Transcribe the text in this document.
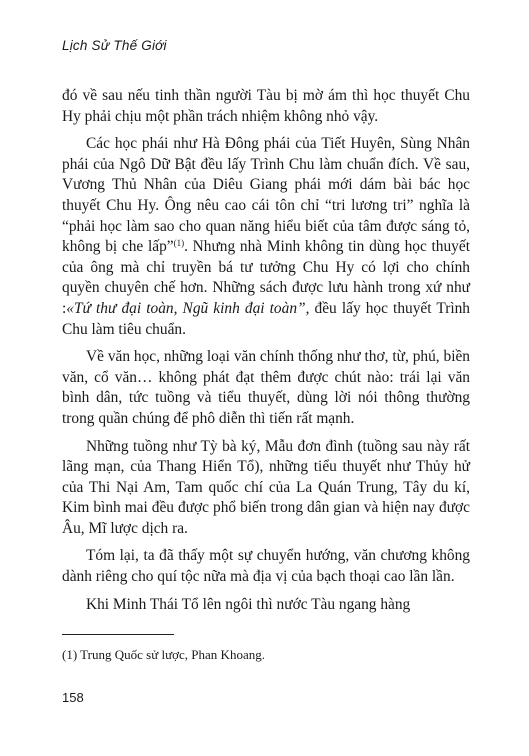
Lịch Sử Thế Giới

đó về sau nếu tinh thần người Tàu bị mờ ám thì học thuyết Chu Hy phải chịu một phần trách nhiệm không nhỏ vậy.

Các học phái như Hà Đông phái của Tiết Huyên, Sùng Nhân phái của Ngô Dữ Bật đều lấy Trình Chu làm chuẩn đích. Về sau, Vương Thủ Nhân của Diêu Giang phái mới dám bài bác học thuyết Chu Hy. Ông nêu cao cái tôn chỉ “tri lương tri” nghĩa là “phải học làm sao cho quan năng hiểu biết của tâm được sáng tỏ, không bị che lấp”$^{(1)}$. Nhưng nhà Minh không tin dùng học thuyết của ông mà chỉ truyền bá tư tưởng Chu Hy có lợi cho chính quyền chuyên chế hơn. Những sách được lưu hành trong xứ như :«Tứ thư đại toàn, Ngũ kinh đại toàn”, đều lấy học thuyết Trình Chu làm tiêu chuẩn.

Về văn học, những loại văn chính thống như thơ, từ, phú, biền văn, cổ văn… không phát đạt thêm được chút nào: trái lại văn bình dân, tức tuồng và tiểu thuyết, dùng lời nói thông thường trong quần chúng để phô diễn thì tiến rất mạnh.

Những tuồng như Tỳ bà ký, Mẫu đơn đình (tuồng sau này rất lãng mạn, của Thang Hiển Tổ), những tiểu thuyết như Thủy hử của Thi Nại Am, Tam quốc chí của La Quán Trung, Tây du kí, Kim bình mai đều được phổ biến trong dân gian và hiện nay được Âu, Mĩ lược dịch ra.

Tóm lại, ta đã thấy một sự chuyển hướng, văn chương không dành riêng cho quí tộc nữa mà địa vị của bạch thoại cao lần lần.

Khi Minh Thái Tổ lên ngôi thì nước Tàu ngang hàng

(1) Trung Quốc sử lược, Phan Khoang.
158
